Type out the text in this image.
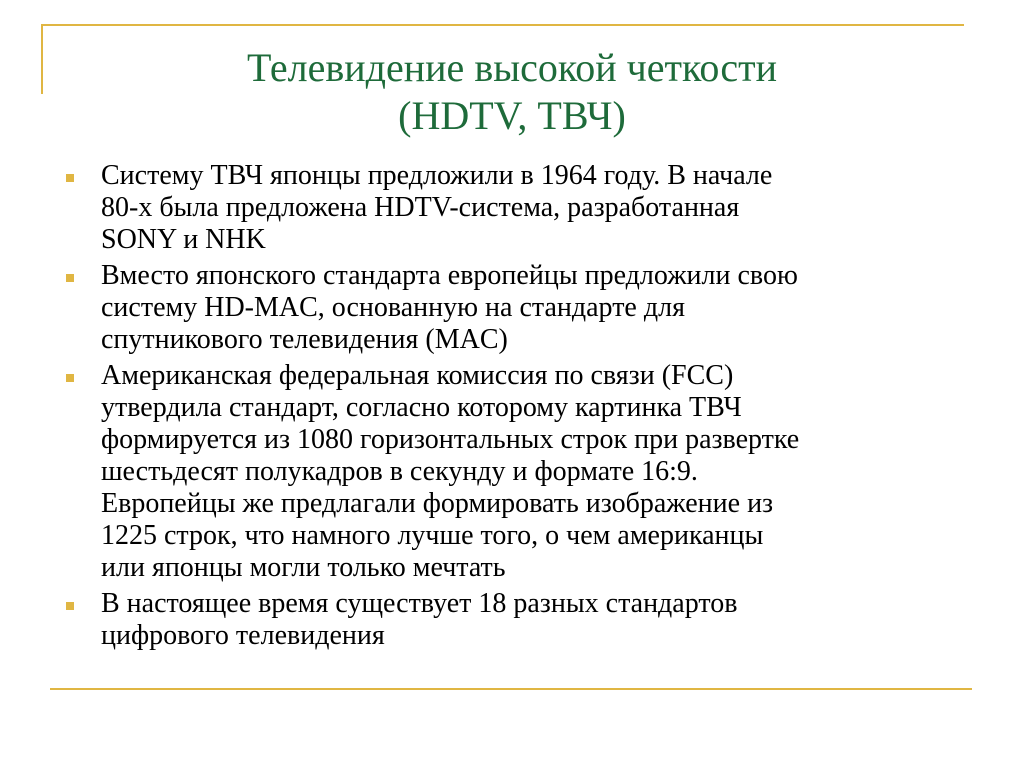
Телевидение высокой четкости
(HDTV, ТВЧ)
Систему ТВЧ японцы предложили в 1964 году. В начале
80-х была предложена HDTV-система, разработанная
SONY и NHK
Вместо японского стандарта европейцы предложили свою
систему HD-MAC, основанную на стандарте для
спутникового телевидения (MAC)
Американская федеральная комиссия по связи (FCC)
утвердила стандарт, согласно которому картинка ТВЧ
формируется из 1080 горизонтальных строк при развертке
шестьдесят полукадров в секунду и формате 16:9.
Европейцы же предлагали формировать изображение из
1225 строк, что намного лучше того, о чем американцы
или японцы могли только мечтать
В настоящее время существует 18 разных стандартов
цифрового телевидения
